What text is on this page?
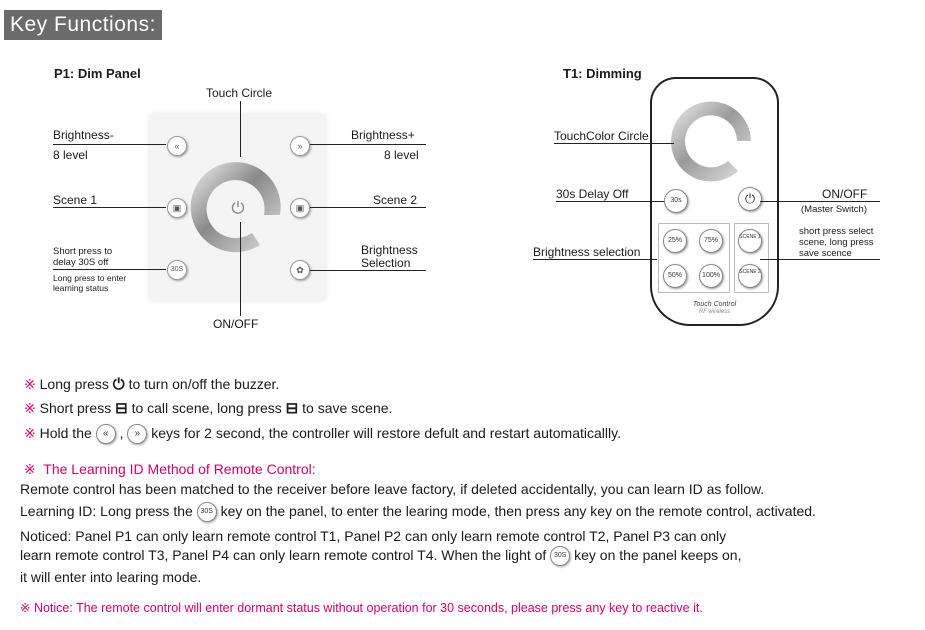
Key Functions:
P1: Dim Panel
«	»
▣	▣
30S	✿
Touch Circle
Brightness-
8 level
Brightness+
8 level
Scene 1	Scene 2
Short press to
delay 30S off
Long press to enter
learning status
Brightness
Selection
ON/OFF
T1: Dimming
30s	⏻
25%	75%
50%	100%
SCENE 1
SCENE 2
Touch Control
RF wireless
TouchColor Circle
30s Delay Off	ON/OFF
(Master Switch)
short press select
scene, long press
save scence
Brightness selection
※ Long press ⏻ to turn on/off the buzzer.
※ Short press ⊟ to call scene, long press ⊟ to save scene.
※ Hold the « , » keys for 2 second, the controller will restore defult and restart automaticallly.
※ The Learning ID Method of Remote Control:
Remote control has been matched to the receiver before leave factory, if deleted accidentally, you can learn ID as follow.
Learning ID: Long press the 30S key on the panel, to enter the learing mode, then press any key on the remote control, activated.
Noticed: Panel P1 can only learn remote control T1, Panel P2 can only learn remote control T2, Panel P3 can only
learn remote control T3, Panel P4 can only learn remote control T4. When the light of 30S key on the panel keeps on,
it will enter into learing mode.
※ Notice: The remote control will enter dormant status without operation for 30 seconds, please press any key to reactive it.
